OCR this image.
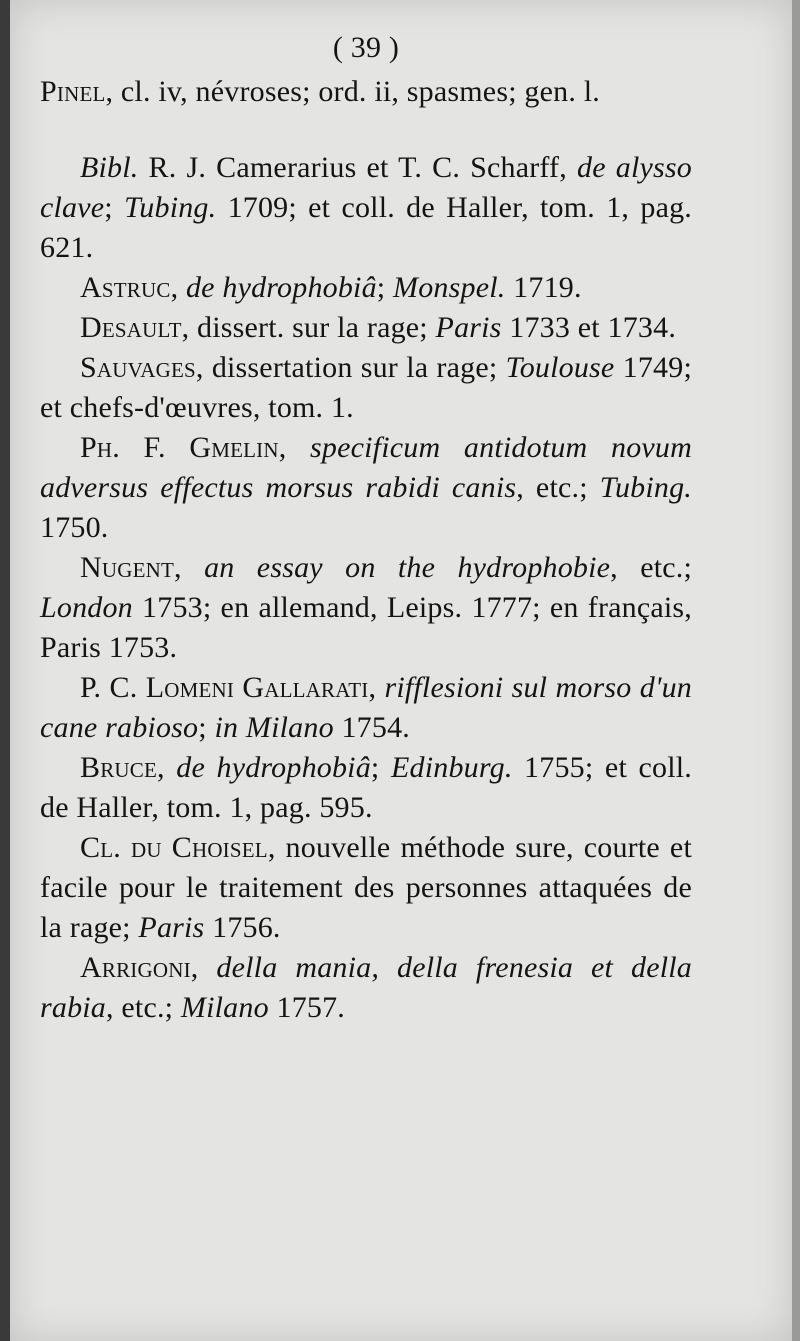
( 39 )
Pinel, cl. iv, névroses; ord. ii, spasmes; gen. l.

Bibl. R. J. Camerarius et T. C. Scharff, de alysso clave; Tubing. 1709; et coll. de Haller, tom. 1, pag. 621.

Astruc, de hydrophobiâ; Monspel. 1719.

Desault, dissert. sur la rage; Paris 1733 et 1734.

Sauvages, dissertation sur la rage; Toulouse 1749; et chefs-d'œuvres, tom. 1.

Ph. F. Gmelin, specificum antidotum novum adversus effectus morsus rabidi canis, etc.; Tubing. 1750.

Nugent, an essay on the hydrophobie, etc.; London 1753; en allemand, Leips. 1777; en français, Paris 1753.

P. C. Lomeni Gallarati, rifflesioni sul morso d'un cane rabioso; in Milano 1754.

Bruce, de hydrophobiâ; Edinburg. 1755; et coll. de Haller, tom. 1, pag. 595.

Cl. du Choisel, nouvelle méthode sure, courte et facile pour le traitement des personnes attaquées de la rage; Paris 1756.

Arrigoni, della mania, della frenesia et della rabia, etc.; Milano 1757.
